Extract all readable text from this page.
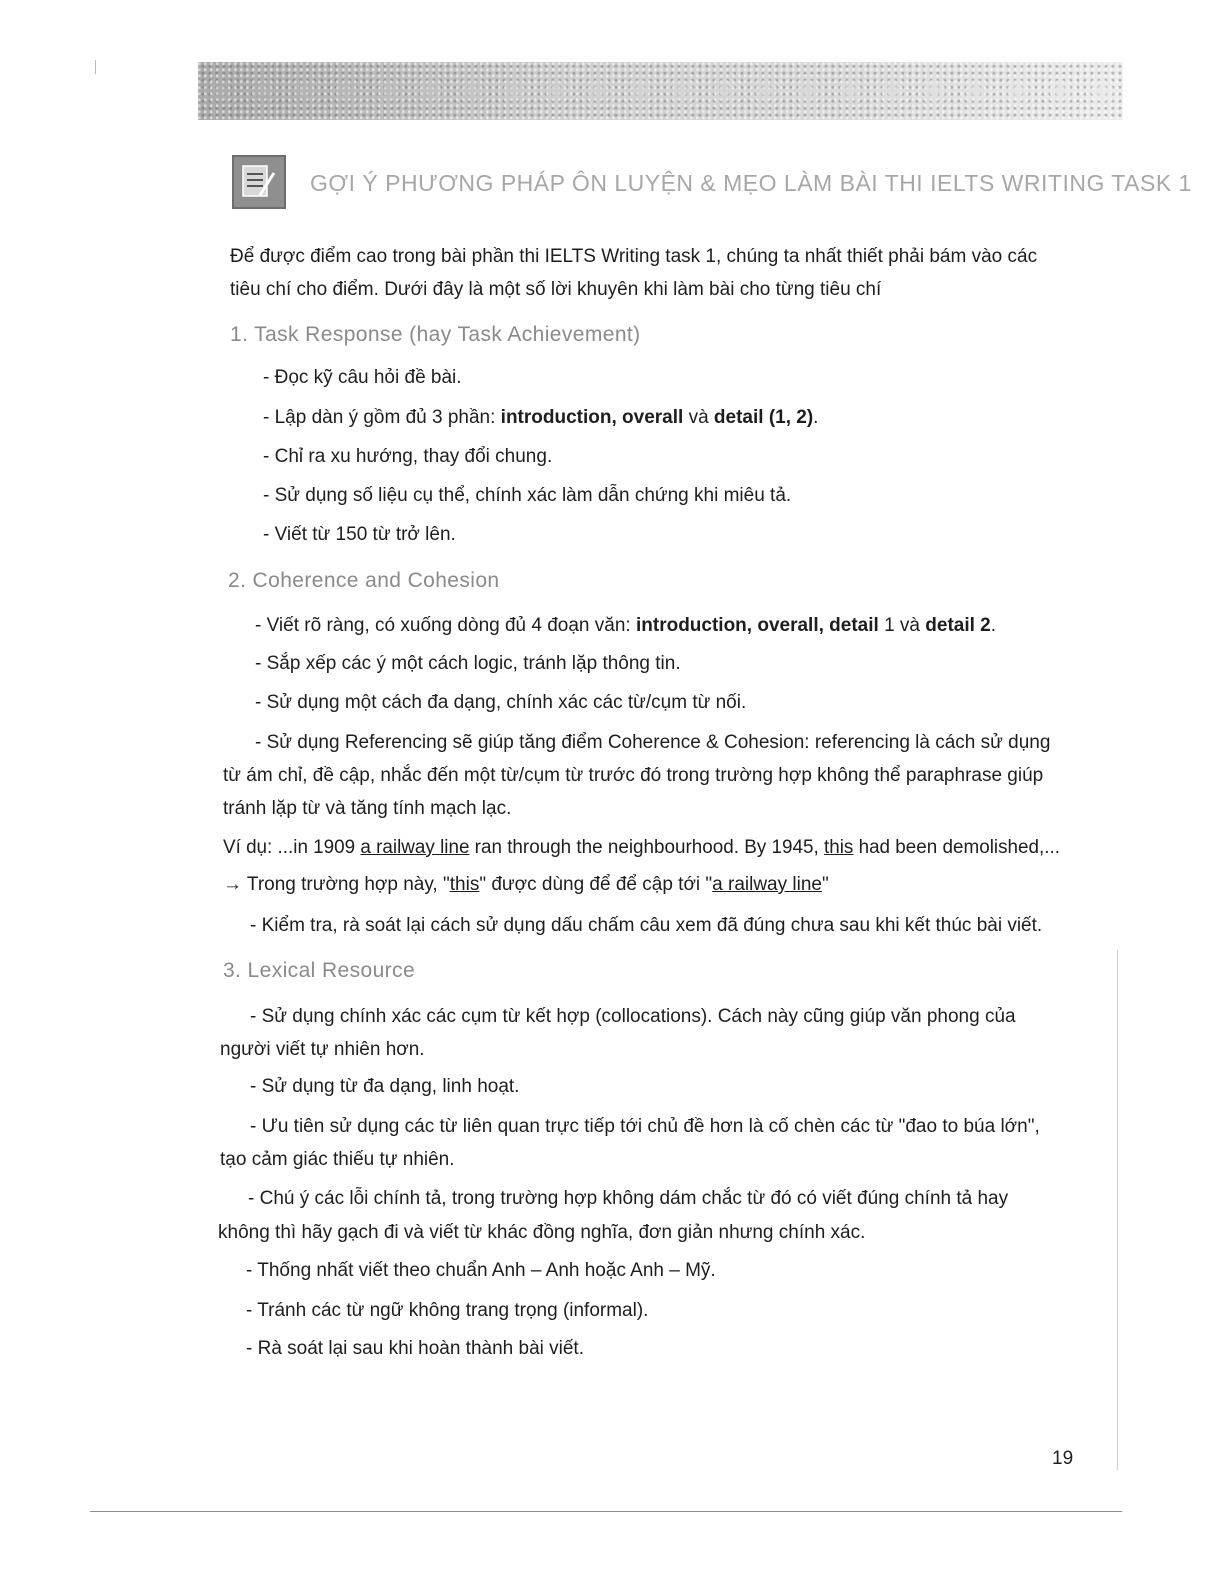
GỢI Ý PHƯƠNG PHÁP ÔN LUYỆN & MẸO LÀM BÀI THI IELTS WRITING TASK 1
Để được điểm cao trong bài phần thi IELTS Writing task 1, chúng ta nhất thiết phải bám vào các
tiêu chí cho điểm. Dưới đây là một số lời khuyên khi làm bài cho từng tiêu chí
1. Task Response (hay Task Achievement)
- Đọc kỹ câu hỏi đề bài.
- Lập dàn ý gồm đủ 3 phần: introduction, overall và detail (1, 2).
- Chỉ ra xu hướng, thay đổi chung.
- Sử dụng số liệu cụ thể, chính xác làm dẫn chứng khi miêu tả.
- Viết từ 150 từ trở lên.
2. Coherence and Cohesion
- Viết rõ ràng, có xuống dòng đủ 4 đoạn văn: introduction, overall, detail 1 và detail 2.
- Sắp xếp các ý một cách logic, tránh lặp thông tin.
- Sử dụng một cách đa dạng, chính xác các từ/cụm từ nối.
- Sử dụng Referencing sẽ giúp tăng điểm Coherence & Cohesion: referencing là cách sử dụng
từ ám chỉ, đề cập, nhắc đến một từ/cụm từ trước đó trong trường hợp không thể paraphrase giúp
tránh lặp từ và tăng tính mạch lạc.
Ví dụ: ...in 1909 a railway line ran through the neighbourhood. By 1945, this had been demolished,...
→ Trong trường hợp này, "this" được dùng để để cập tới "a railway line"
- Kiểm tra, rà soát lại cách sử dụng dấu chấm câu xem đã đúng chưa sau khi kết thúc bài viết.
3. Lexical Resource
- Sử dụng chính xác các cụm từ kết hợp (collocations). Cách này cũng giúp văn phong của
người viết tự nhiên hơn.
- Sử dụng từ đa dạng, linh hoạt.
- Ưu tiên sử dụng các từ liên quan trực tiếp tới chủ đề hơn là cố chèn các từ "đao to búa lớn",
tạo cảm giác thiếu tự nhiên.
- Chú ý các lỗi chính tả, trong trường hợp không dám chắc từ đó có viết đúng chính tả hay
không thì hãy gạch đi và viết từ khác đồng nghĩa, đơn giản nhưng chính xác.
- Thống nhất viết theo chuẩn Anh – Anh hoặc Anh – Mỹ.
- Tránh các từ ngữ không trang trọng (informal).
- Rà soát lại sau khi hoàn thành bài viết.
19
